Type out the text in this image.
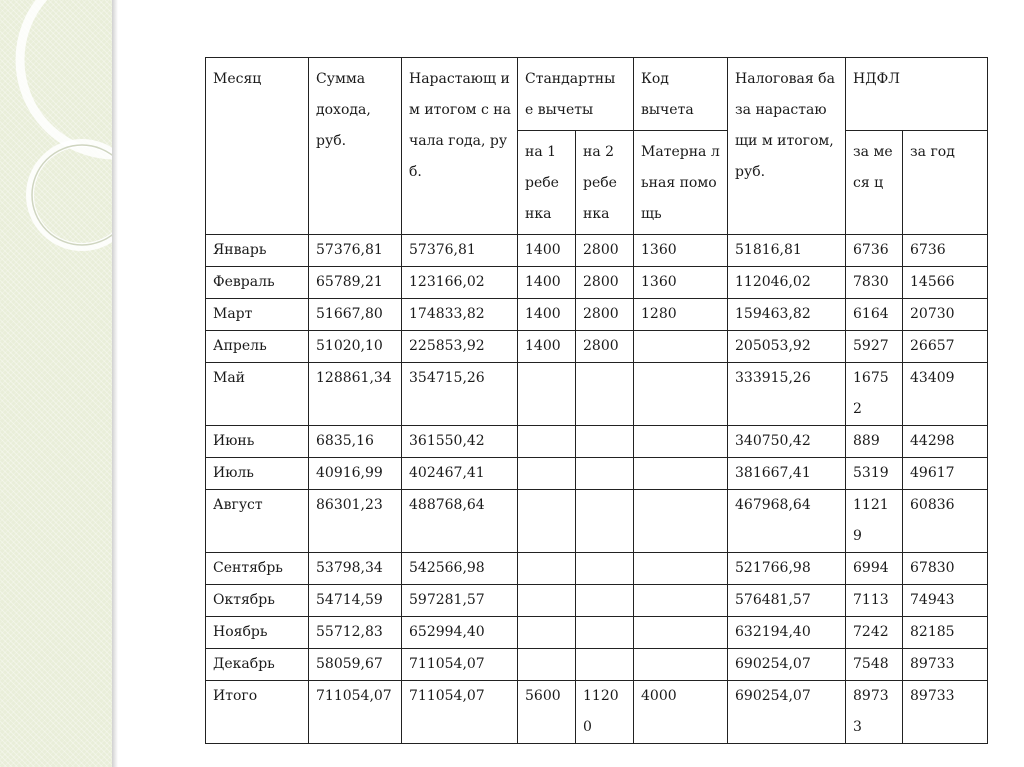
Месяц	Сумма дохода, руб.	Нарастающ им итогом с начала года, руб.	Стандартны е вычеты		Код вычета	Налоговая база нарастающи м итогом, руб.	НДФЛ	
			на 1 ребе нка	на 2 ребе нка	Матерна льная помощь		за меся ц	за год
Январь	57376,81	57376,81	1400	2800	1360	51816,81	6736	6736
Февраль	65789,21	123166,02	1400	2800	1360	112046,02	7830	14566
Март	51667,80	174833,82	1400	2800	1280	159463,82	6164	20730
Апрель	51020,10	225853,92	1400	2800		205053,92	5927	26657
Май	128861,34	354715,26				333915,26	16752	43409
Июнь	6835,16	361550,42				340750,42	889	44298
Июль	40916,99	402467,41				381667,41	5319	49617
Август	86301,23	488768,64				467968,64	11219	60836
Сентябрь	53798,34	542566,98				521766,98	6994	67830
Октябрь	54714,59	597281,57				576481,57	7113	74943
Ноябрь	55712,83	652994,40				632194,40	7242	82185
Декабрь	58059,67	711054,07				690254,07	7548	89733
Итого	711054,07	711054,07	5600	11200	4000	690254,07	89733	89733
